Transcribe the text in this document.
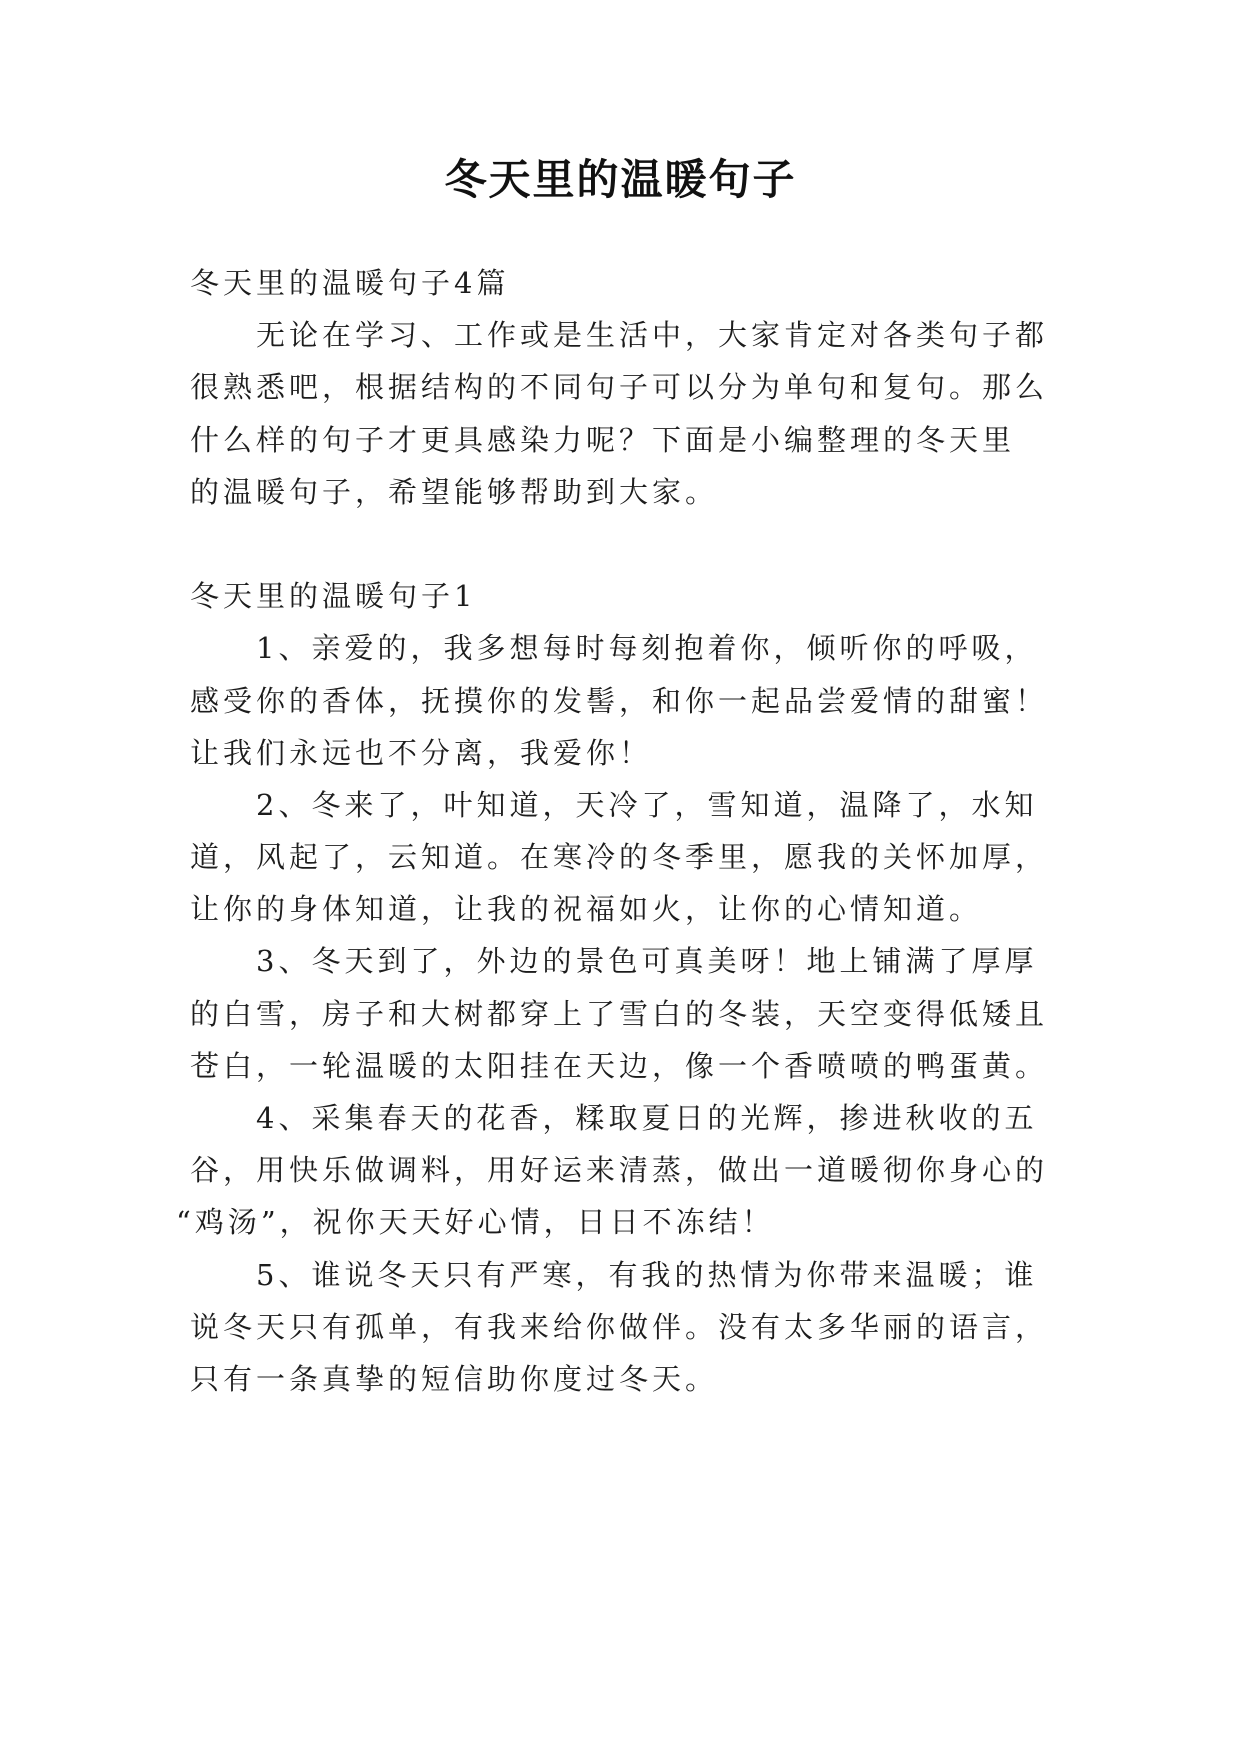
冬天里的温暖句子
冬天里的温暖句子4篇
无论在学习、工作或是生活中，大家肯定对各类句子都
很熟悉吧，根据结构的不同句子可以分为单句和复句。那么
什么样的句子才更具感染力呢？下面是小编整理的冬天里
的温暖句子，希望能够帮助到大家。
冬天里的温暖句子1
1、亲爱的，我多想每时每刻抱着你，倾听你的呼吸，
感受你的香体，抚摸你的发髻，和你一起品尝爱情的甜蜜！
让我们永远也不分离，我爱你！
2、冬来了，叶知道，天冷了，雪知道，温降了，水知
道，风起了，云知道。在寒冷的冬季里，愿我的关怀加厚，
让你的身体知道，让我的祝福如火，让你的心情知道。
3、冬天到了，外边的景色可真美呀！地上铺满了厚厚
的白雪，房子和大树都穿上了雪白的冬装，天空变得低矮且
苍白，一轮温暖的太阳挂在天边，像一个香喷喷的鸭蛋黄。
4、采集春天的花香，糅取夏日的光辉，掺进秋收的五
谷，用快乐做调料，用好运来清蒸，做出一道暖彻你身心的
“鸡汤”，祝你天天好心情，日日不冻结！
5、谁说冬天只有严寒，有我的热情为你带来温暖；谁
说冬天只有孤单，有我来给你做伴。没有太多华丽的语言，
只有一条真挚的短信助你度过冬天。
